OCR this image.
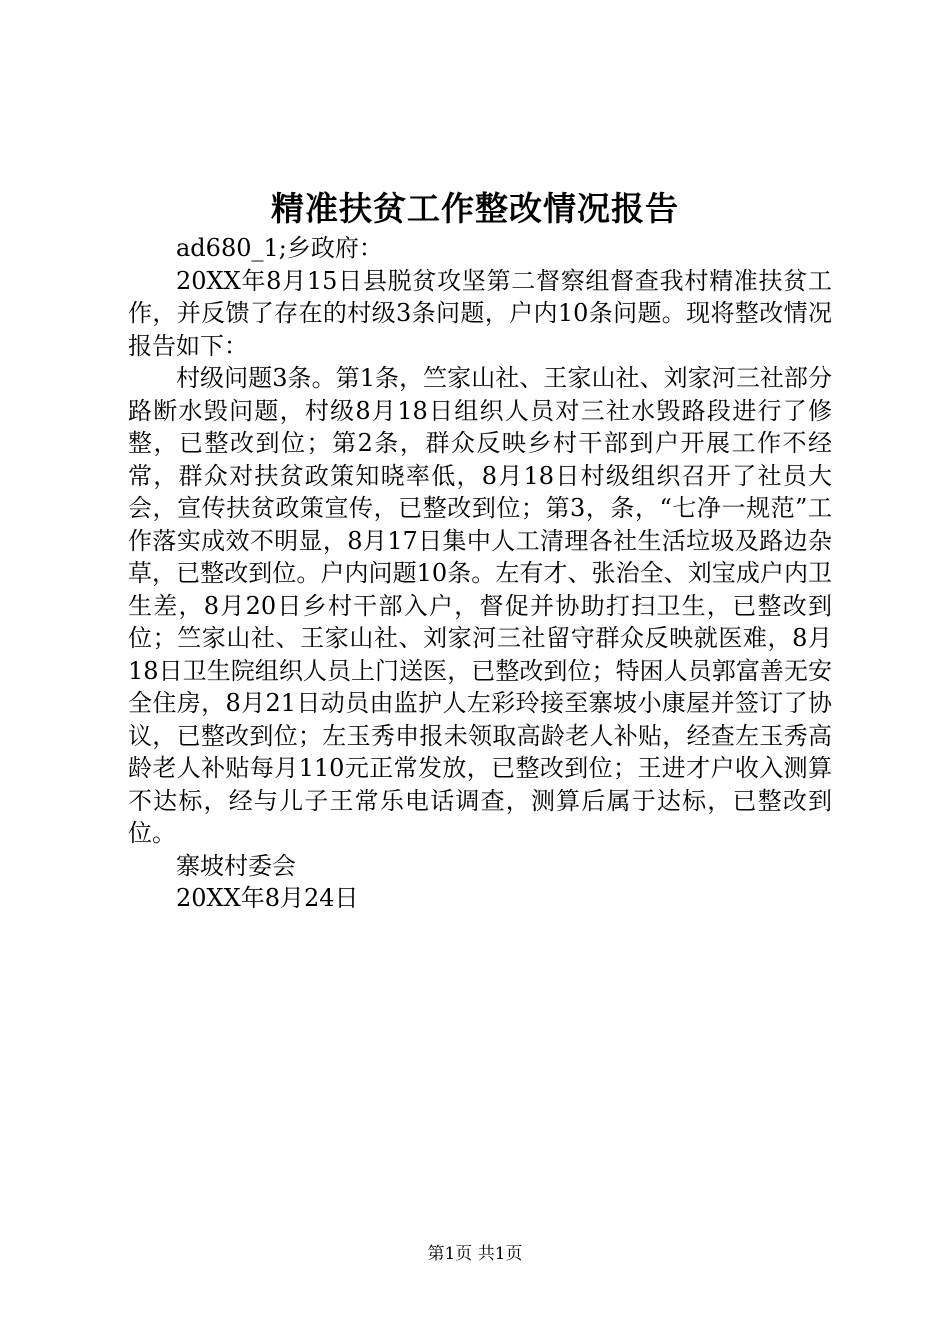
精准扶贫工作整改情况报告

ad680_1;乡政府：

20XX年8月15日县脱贫攻坚第二督察组督查我村精准扶贫工作，并反馈了存在的村级3条问题，户内10条问题。现将整改情况报告如下：

村级问题3条。第1条，竺家山社、王家山社、刘家河三社部分路断水毁问题，村级8月18日组织人员对三社水毁路段进行了修整，已整改到位；第2条，群众反映乡村干部到户开展工作不经常，群众对扶贫政策知晓率低，8月18日村级组织召开了社员大会，宣传扶贫政策宣传，已整改到位；第3，条，“七净一规范”工作落实成效不明显，8月17日集中人工清理各社生活垃圾及路边杂草，已整改到位。户内问题10条。左有才、张治全、刘宝成户内卫生差，8月20日乡村干部入户，督促并协助打扫卫生，已整改到位；竺家山社、王家山社、刘家河三社留守群众反映就医难，8月18日卫生院组织人员上门送医，已整改到位；特困人员郭富善无安全住房，8月21日动员由监护人左彩玲接至寨坡小康屋并签订了协议，已整改到位；左玉秀申报未领取高龄老人补贴，经查左玉秀高龄老人补贴每月110元正常发放，已整改到位；王进才户收入测算不达标，经与儿子王常乐电话调查，测算后属于达标，已整改到位。

寨坡村委会

20XX年8月24日

第1页 共1页
